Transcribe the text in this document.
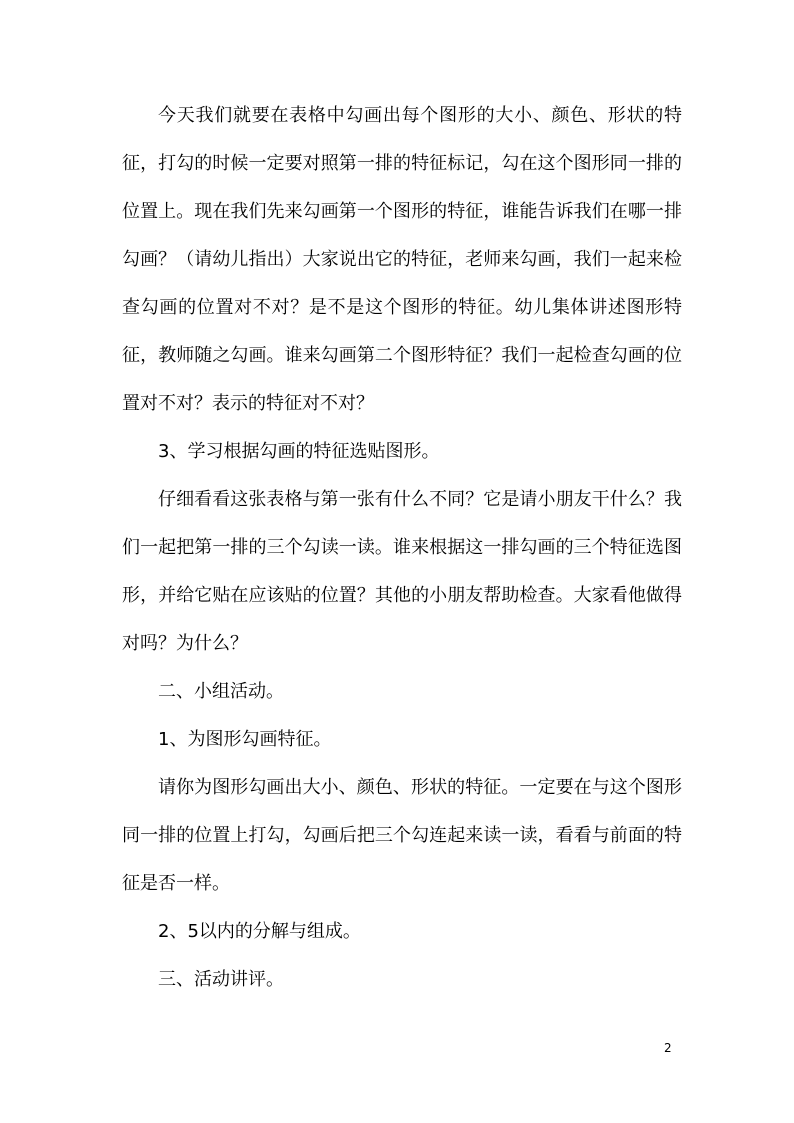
今天我们就要在表格中勾画出每个图形的大小、颜色、形状的特征，打勾的时候一定要对照第一排的特征标记，勾在这个图形同一排的位置上。现在我们先来勾画第一个图形的特征，谁能告诉我们在哪一排勾画？（请幼儿指出）大家说出它的特征，老师来勾画，我们一起来检查勾画的位置对不对？是不是这个图形的特征。幼儿集体讲述图形特征，教师随之勾画。谁来勾画第二个图形特征？我们一起检查勾画的位置对不对？表示的特征对不对？

3、学习根据勾画的特征选贴图形。

仔细看看这张表格与第一张有什么不同？它是请小朋友干什么？我们一起把第一排的三个勾读一读。谁来根据这一排勾画的三个特征选图形，并给它贴在应该贴的位置？其他的小朋友帮助检查。大家看他做得对吗？为什么？

二、小组活动。

1、为图形勾画特征。

请你为图形勾画出大小、颜色、形状的特征。一定要在与这个图形同一排的位置上打勾，勾画后把三个勾连起来读一读，看看与前面的特征是否一样。

2、5以内的分解与组成。

三、活动讲评。

2
